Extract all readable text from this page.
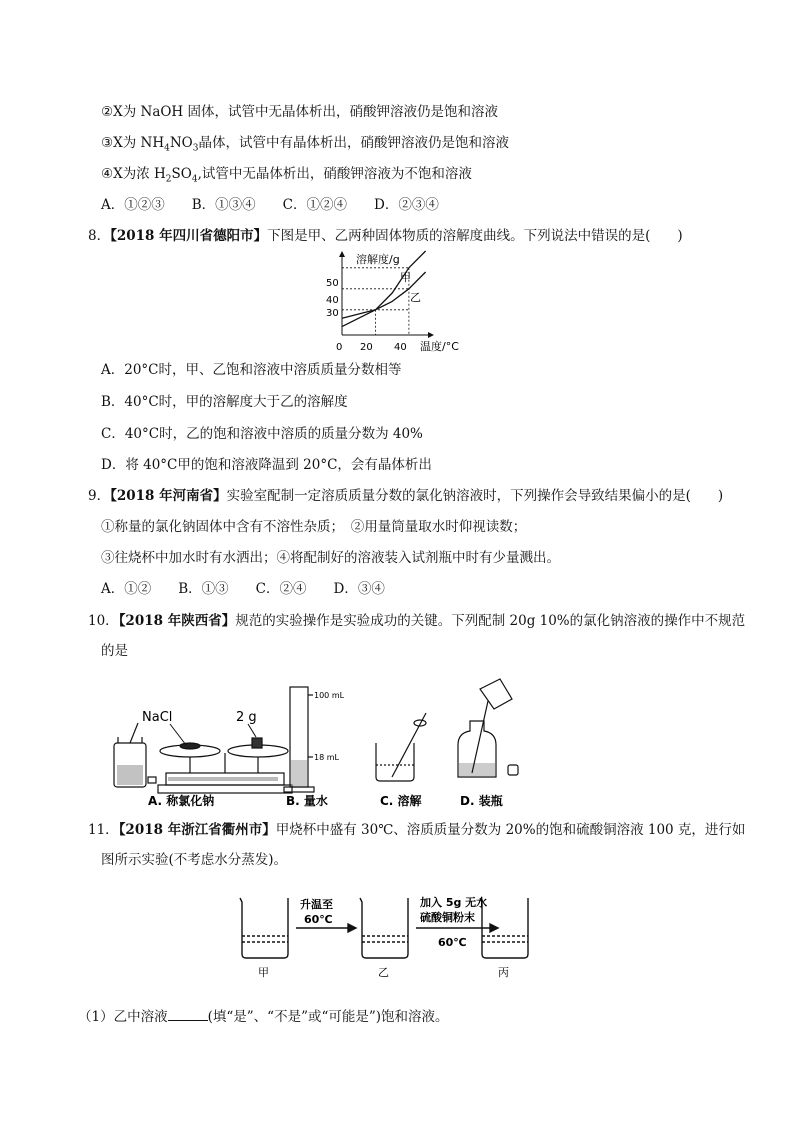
②X为 NaOH 固体，试管中无晶体析出，硝酸钾溶液仍是饱和溶液
③X为 $NH_4NO_3$晶体，试管中有晶体析出，硝酸钾溶液仍是饱和溶液
④X为浓 $H_2SO_4$,试管中无晶体析出，硝酸钾溶液为不饱和溶液
A．①②③　　B．①③④　　C．①②④　　D．②③④
8．【2018 年四川省德阳市】下图是甲、乙两种固体物质的溶解度曲线。下列说法中错误的是(　　)
溶解度/g
温度/°C
0 20 40
50
40
30
甲
乙
A．20°C时，甲、乙饱和溶液中溶质质量分数相等
B．40°C时，甲的溶解度大于乙的溶解度
C．40°C时，乙的饱和溶液中溶质的质量分数为 40%
D．将 40°C甲的饱和溶液降温到 20°C，会有晶体析出
9．【2018 年河南省】实验室配制一定溶质质量分数的氯化钠溶液时，下列操作会导致结果偏小的是(　　)
①称量的氯化钠固体中含有不溶性杂质；　②用量筒量取水时仰视读数；
③往烧杯中加水时有水洒出；④将配制好的溶液装入试剂瓶中时有少量溅出。
A．①②　　B．①③　　C．②④　　D．③④
10．【2018 年陕西省】规范的实验操作是实验成功的关键。下列配制 20g 10%的氯化钠溶液的操作中不规范
的是
NaCl	2 g
A. 称氯化钠
100 mL
18 mL
B. 量水	C. 溶解	D. 装瓶
11．【2018 年浙江省衢州市】甲烧杯中盛有 30℃、溶质质量分数为 20%的饱和硫酸铜溶液 100 克，进行如
图所示实验(不考虑水分蒸发)。
升温至
60℃
加入 5g 无水
硫酸铜粉末
60℃
甲	乙	丙
（1）乙中溶液	(填“是”、“不是”或“可能是”)饱和溶液。
